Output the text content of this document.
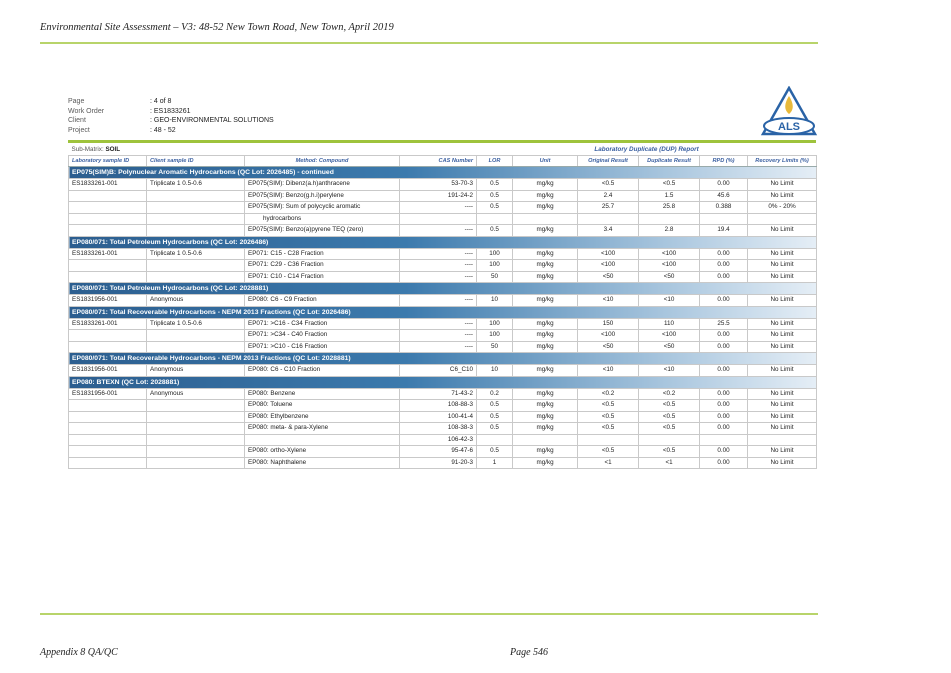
Environmental Site Assessment – V3: 48-52 New Town Road, New Town, April 2019
Page	: 4 of 8
Work Order	: ES1833261
Client	: GEO-ENVIRONMENTAL SOLUTIONS
Project	: 48 - 52	ALS
Sub-Matrix: SOIL				Laboratory Duplicate (DUP) Report					
Laboratory sample ID	Client sample ID	Method: Compound	CAS Number	LOR	Unit	Original Result	Duplicate Result	RPD (%)	Recovery Limits (%)
EP075(SIM)B: Polynuclear Aromatic Hydrocarbons (QC Lot: 2026485) - continued									
ES1833261-001	Triplicate 1 0.5-0.6	EP075(SIM): Dibenz(a.h)anthracene	53-70-3	0.5	mg/kg	<0.5	<0.5	0.00	No Limit
		EP075(SIM): Benzo(g.h.i)perylene	191-24-2	0.5	mg/kg	2.4	1.5	45.6	No Limit
		EP075(SIM): Sum of polycyclic aromatic	----	0.5	mg/kg	25.7	25.8	0.388	0% - 20%
		hydrocarbons							
		EP075(SIM): Benzo(a)pyrene TEQ (zero)	----	0.5	mg/kg	3.4	2.8	19.4	No Limit
EP080/071: Total Petroleum Hydrocarbons (QC Lot: 2026486)									
ES1833261-001	Triplicate 1 0.5-0.6	EP071: C15 - C28 Fraction	----	100	mg/kg	<100	<100	0.00	No Limit
		EP071: C29 - C36 Fraction	----	100	mg/kg	<100	<100	0.00	No Limit
		EP071: C10 - C14 Fraction	----	50	mg/kg	<50	<50	0.00	No Limit
EP080/071: Total Petroleum Hydrocarbons (QC Lot: 2028881)									
ES1831956-001	Anonymous	EP080: C6 - C9 Fraction	----	10	mg/kg	<10	<10	0.00	No Limit
EP080/071: Total Recoverable Hydrocarbons - NEPM 2013 Fractions (QC Lot: 2026486)									
ES1833261-001	Triplicate 1 0.5-0.6	EP071: >C16 - C34 Fraction	----	100	mg/kg	150	110	25.5	No Limit
		EP071: >C34 - C40 Fraction	----	100	mg/kg	<100	<100	0.00	No Limit
		EP071: >C10 - C16 Fraction	----	50	mg/kg	<50	<50	0.00	No Limit
EP080/071: Total Recoverable Hydrocarbons - NEPM 2013 Fractions (QC Lot: 2028881)									
ES1831956-001	Anonymous	EP080: C6 - C10 Fraction	C6_C10	10	mg/kg	<10	<10	0.00	No Limit
EP080: BTEXN (QC Lot: 2028881)									
ES1831956-001	Anonymous	EP080: Benzene	71-43-2	0.2	mg/kg	<0.2	<0.2	0.00	No Limit
		EP080: Toluene	108-88-3	0.5	mg/kg	<0.5	<0.5	0.00	No Limit
		EP080: Ethylbenzene	100-41-4	0.5	mg/kg	<0.5	<0.5	0.00	No Limit
		EP080: meta- & para-Xylene	108-38-3	0.5	mg/kg	<0.5	<0.5	0.00	No Limit
			106-42-3						
		EP080: ortho-Xylene	95-47-6	0.5	mg/kg	<0.5	<0.5	0.00	No Limit
		EP080: Naphthalene	91-20-3	1	mg/kg	<1	<1	0.00	No Limit
Appendix 8 QA/QC	Page 546
